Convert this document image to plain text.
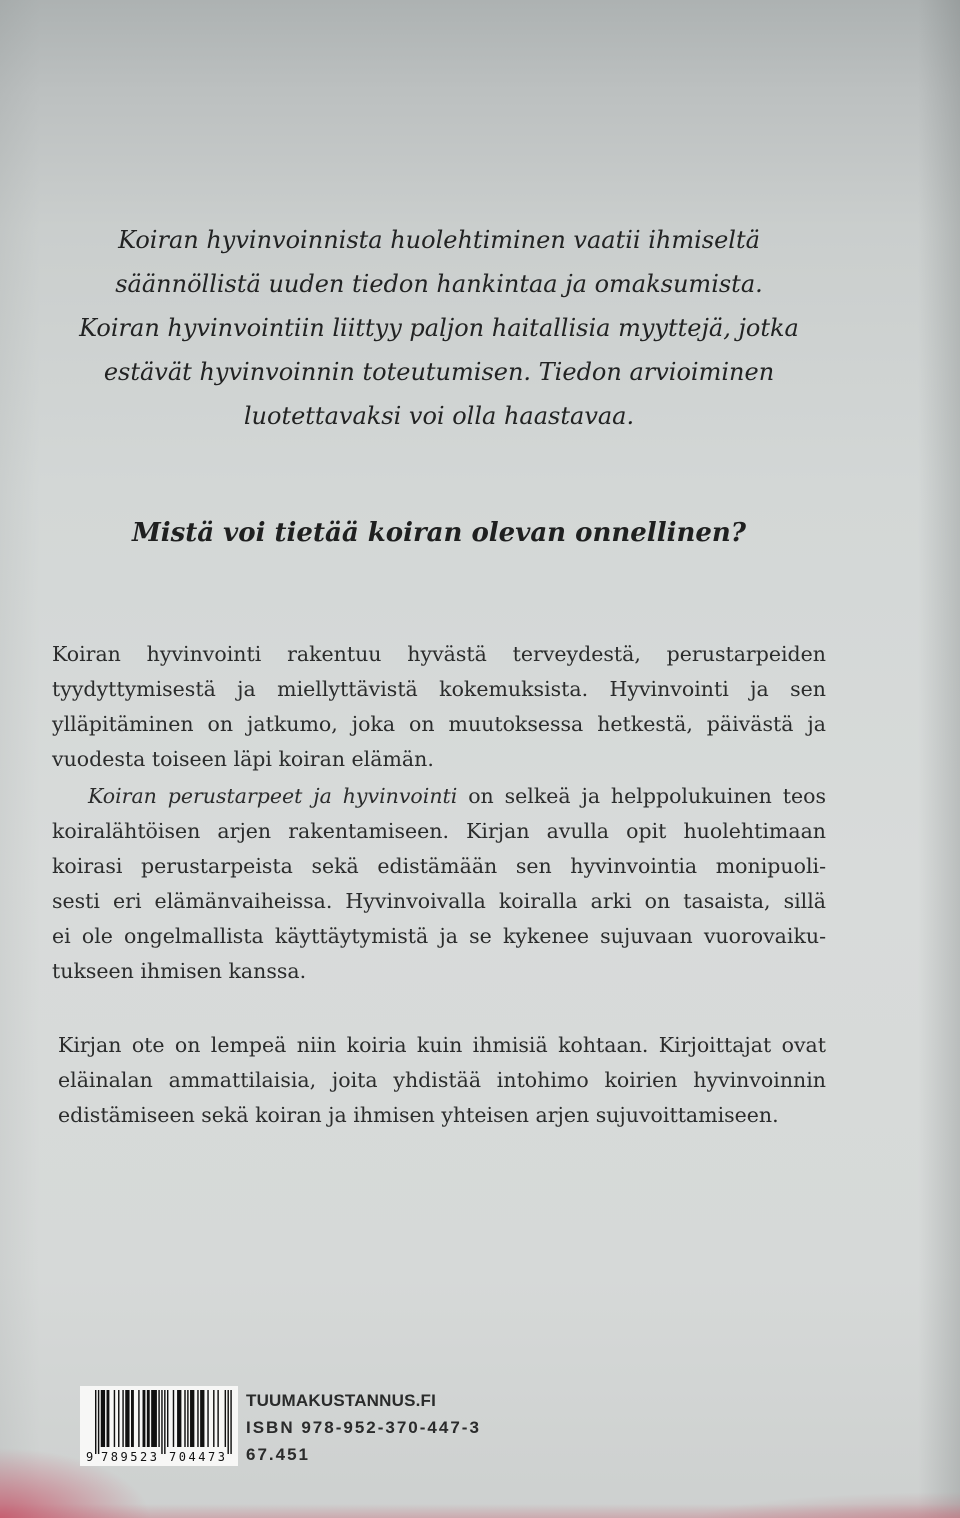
Koiran hyvinvoinnista huolehtiminen vaatii ihmiseltä
säännöllistä uuden tiedon hankintaa ja omaksumista.
Koiran hyvinvointiin liittyy paljon haitallisia myyttejä, jotka
estävät hyvinvoinnin toteutumisen. Tiedon arvioiminen
luotettavaksi voi olla haastavaa.
Mistä voi tietää koiran olevan onnellinen?
Koiran hyvinvointi rakentuu hyvästä terveydestä, perustarpeiden
tyydyttymisestä ja miellyttävistä kokemuksista. Hyvinvointi ja sen
ylläpitäminen on jatkumo, joka on muutoksessa hetkestä, päivästä ja
vuodesta toiseen läpi koiran elämän.
Koiran perustarpeet ja hyvinvointi on selkeä ja helppolukuinen teos
koiralähtöisen arjen rakentamiseen. Kirjan avulla opit huolehtimaan
koirasi perustarpeista sekä edistämään sen hyvinvointia monipuoli-
sesti eri elämänvaiheissa. Hyvinvoivalla koiralla arki on tasaista, sillä
ei ole ongelmallista käyttäytymistä ja se kykenee sujuvaan vuorovaiku-
tukseen ihmisen kanssa.
Kirjan ote on lempeä niin koiria kuin ihmisiä kohtaan. Kirjoittajat ovat
eläinalan ammattilaisia, joita yhdistää intohimo koirien hyvinvoinnin
edistämiseen sekä koiran ja ihmisen yhteisen arjen sujuvoittamiseen.
9 789523 704473
TUUMAKUSTANNUS.FI
ISBN 978-952-370-447-3
67.451
